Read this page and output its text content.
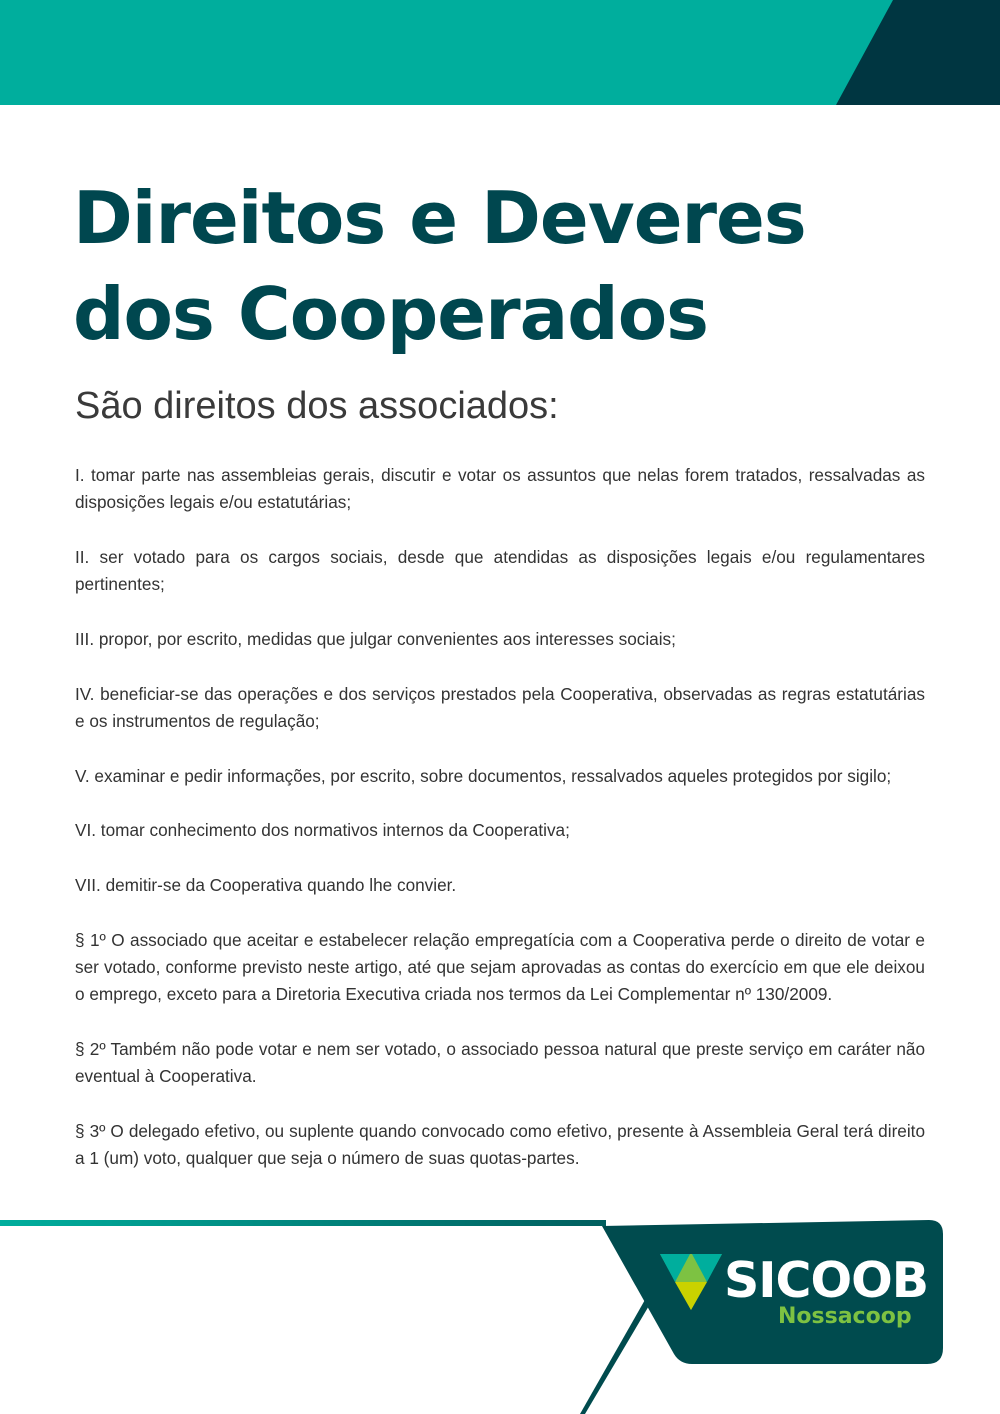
Direitos e Deveres
dos Cooperados
São direitos dos associados:

I. tomar parte nas assembleias gerais, discutir e votar os assuntos que nelas forem tratados, ressalvadas as disposições legais e/ou estatutárias;

II. ser votado para os cargos sociais, desde que atendidas as disposições legais e/ou regulamentares pertinentes;

III. propor, por escrito, medidas que julgar convenientes aos interesses sociais;

IV. beneficiar-se das operações e dos serviços prestados pela Cooperativa, observadas as regras estatutárias e os instrumentos de regulação;

V. examinar e pedir informações, por escrito, sobre documentos, ressalvados aqueles protegidos por sigilo;

VI. tomar conhecimento dos normativos internos da Cooperativa;

VII. demitir-se da Cooperativa quando lhe convier.

§ 1º O associado que aceitar e estabelecer relação empregatícia com a Cooperativa perde o direito de votar e ser votado, conforme previsto neste artigo, até que sejam aprovadas as contas do exercício em que ele deixou o emprego, exceto para a Diretoria Executiva criada nos termos da Lei Complementar nº 130/2009.

§ 2º Também não pode votar e nem ser votado, o associado pessoa natural que preste serviço em caráter não eventual à Cooperativa.

§ 3º O delegado efetivo, ou suplente quando convocado como efetivo, presente à Assembleia Geral terá direito a 1 (um) voto, qualquer que seja o número de suas quotas-partes.

SICOOB
Nossacoop
